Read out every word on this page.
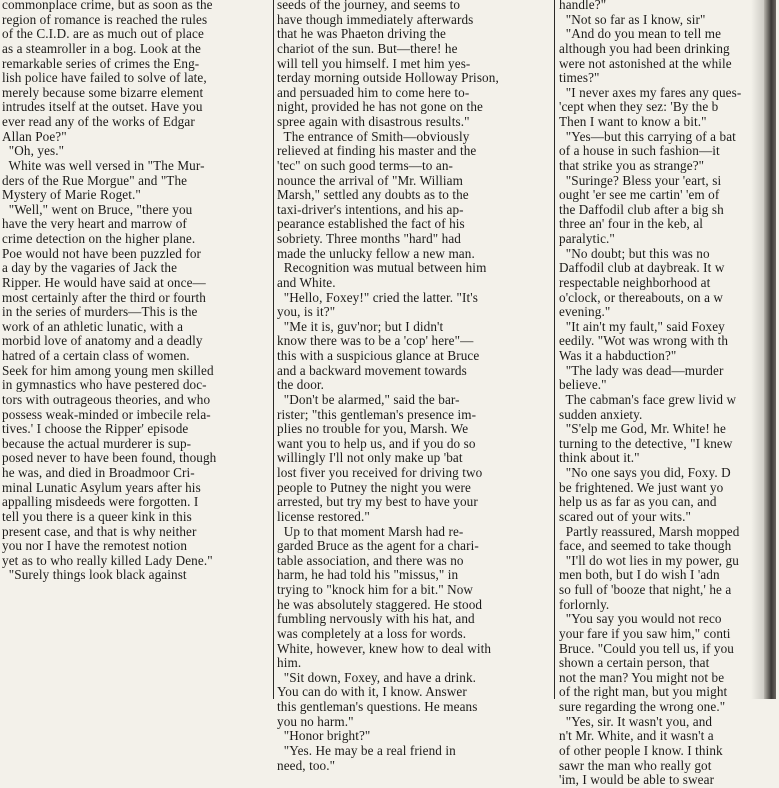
commonplace crime, but as soon as the

region of romance is reached the rules

of the C.I.D. are as much out of place

as a steamroller in a bog. Look at the

remarkable series of crimes the Eng-

lish police have failed to solve of late,

merely because some bizarre element

intrudes itself at the outset. Have you

ever read any of the works of Edgar

Allan Poe?"

"Oh, yes."

White was well versed in "The Mur-

ders of the Rue Morgue" and "The

Mystery of Marie Roget."

"Well," went on Bruce, "there you

have the very heart and marrow of

crime detection on the higher plane.

Poe would not have been puzzled for

a day by the vagaries of Jack the

Ripper. He would have said at once—

most certainly after the third or fourth

in the series of murders—This is the

work of an athletic lunatic, with a

morbid love of anatomy and a deadly

hatred of a certain class of women.

Seek for him among young men skilled

in gymnastics who have pestered doc-

tors with outrageous theories, and who

possess weak-minded or imbecile rela-

tives.' I choose the Ripper' episode

because the actual murderer is sup-

posed never to have been found, though

he was, and died in Broadmoor Cri-

minal Lunatic Asylum years after his

appalling misdeeds were forgotten. I

tell you there is a queer kink in this

present case, and that is why neither

you nor I have the remotest notion

yet as to who really killed Lady Dene."

"Surely things look black against

seeds of the journey, and seems to

have though immediately afterwards

that he was Phaeton driving the

chariot of the sun. But—there! he

will tell you himself. I met him yes-

terday morning outside Holloway Prison,

and persuaded him to come here to-

night, provided he has not gone on the

spree again with disastrous results."

The entrance of Smith—obviously

relieved at finding his master and the

'tec" on such good terms—to an-

nounce the arrival of "Mr. William

Marsh," settled any doubts as to the

taxi-driver's intentions, and his ap-

pearance established the fact of his

sobriety. Three months "hard" had

made the unlucky fellow a new man.

Recognition was mutual between him

and White.

"Hello, Foxey!" cried the latter. "It's

you, is it?"

"Me it is, guv'nor; but I didn't

know there was to be a 'cop' here"—

this with a suspicious glance at Bruce

and a backward movement towards

the door.

"Don't be alarmed," said the bar-

rister; "this gentleman's presence im-

plies no trouble for you, Marsh. We

want you to help us, and if you do so

willingly I'll not only make up 'bat

lost fiver you received for driving two

people to Putney the night you were

arrested, but try my best to have your

license restored."

Up to that moment Marsh had re-

garded Bruce as the agent for a chari-

table association, and there was no

harm, he had told his "missus," in

trying to "knock him for a bit." Now

he was absolutely staggered. He stood

fumbling nervously with his hat, and

was completely at a loss for words.

White, however, knew how to deal with

him.

"Sit down, Foxey, and have a drink.

You can do with it, I know. Answer

this gentleman's questions. He means

you no harm."

"Honor bright?"

"Yes. He may be a real friend in

need, too."

handle?"

"Not so far as I know, sir"

"And do you mean to tell me

although you had been drinking

were not astonished at the while

times?"

"I never axes my fares any ques-

'cept when they sez: 'By the b

Then I want to know a bit."

"Yes—but this carrying of a bat

of a house in such fashion—it

that strike you as strange?"

"Suringe? Bless your 'eart, si

ought 'er see me cartin' 'em of

the Daffodil club after a big sh

three an' four in the keb, al

paralytic."

"No doubt; but this was no

Daffodil club at daybreak. It w

respectable neighborhood at

o'clock, or thereabouts, on a w

evening."

"It ain't my fault," said Foxey

eedily. "Wot was wrong with th

Was it a habduction?"

"The lady was dead—murder

believe."

The cabman's face grew livid w

sudden anxiety.

"S'elp me God, Mr. White! he

turning to the detective, "I knew

think about it."

"No one says you did, Foxy. D

be frightened. We just want yo

help us as far as you can, and

scared out of your wits."

Partly reassured, Marsh mopped

face, and seemed to take though

"I'll do wot lies in my power, gu

men both, but I do wish I 'adn

so full of 'booze that night,' he a

forlornly.

"You say you would not reco

your fare if you saw him," conti

Bruce. "Could you tell us, if you

shown a certain person, that

not the man? You might not be

of the right man, but you might

sure regarding the wrong one."

"Yes, sir. It wasn't you, and

n't Mr. White, and it wasn't a

of other people I know. I think

sawr the man who really got

'im, I would be able to swear
